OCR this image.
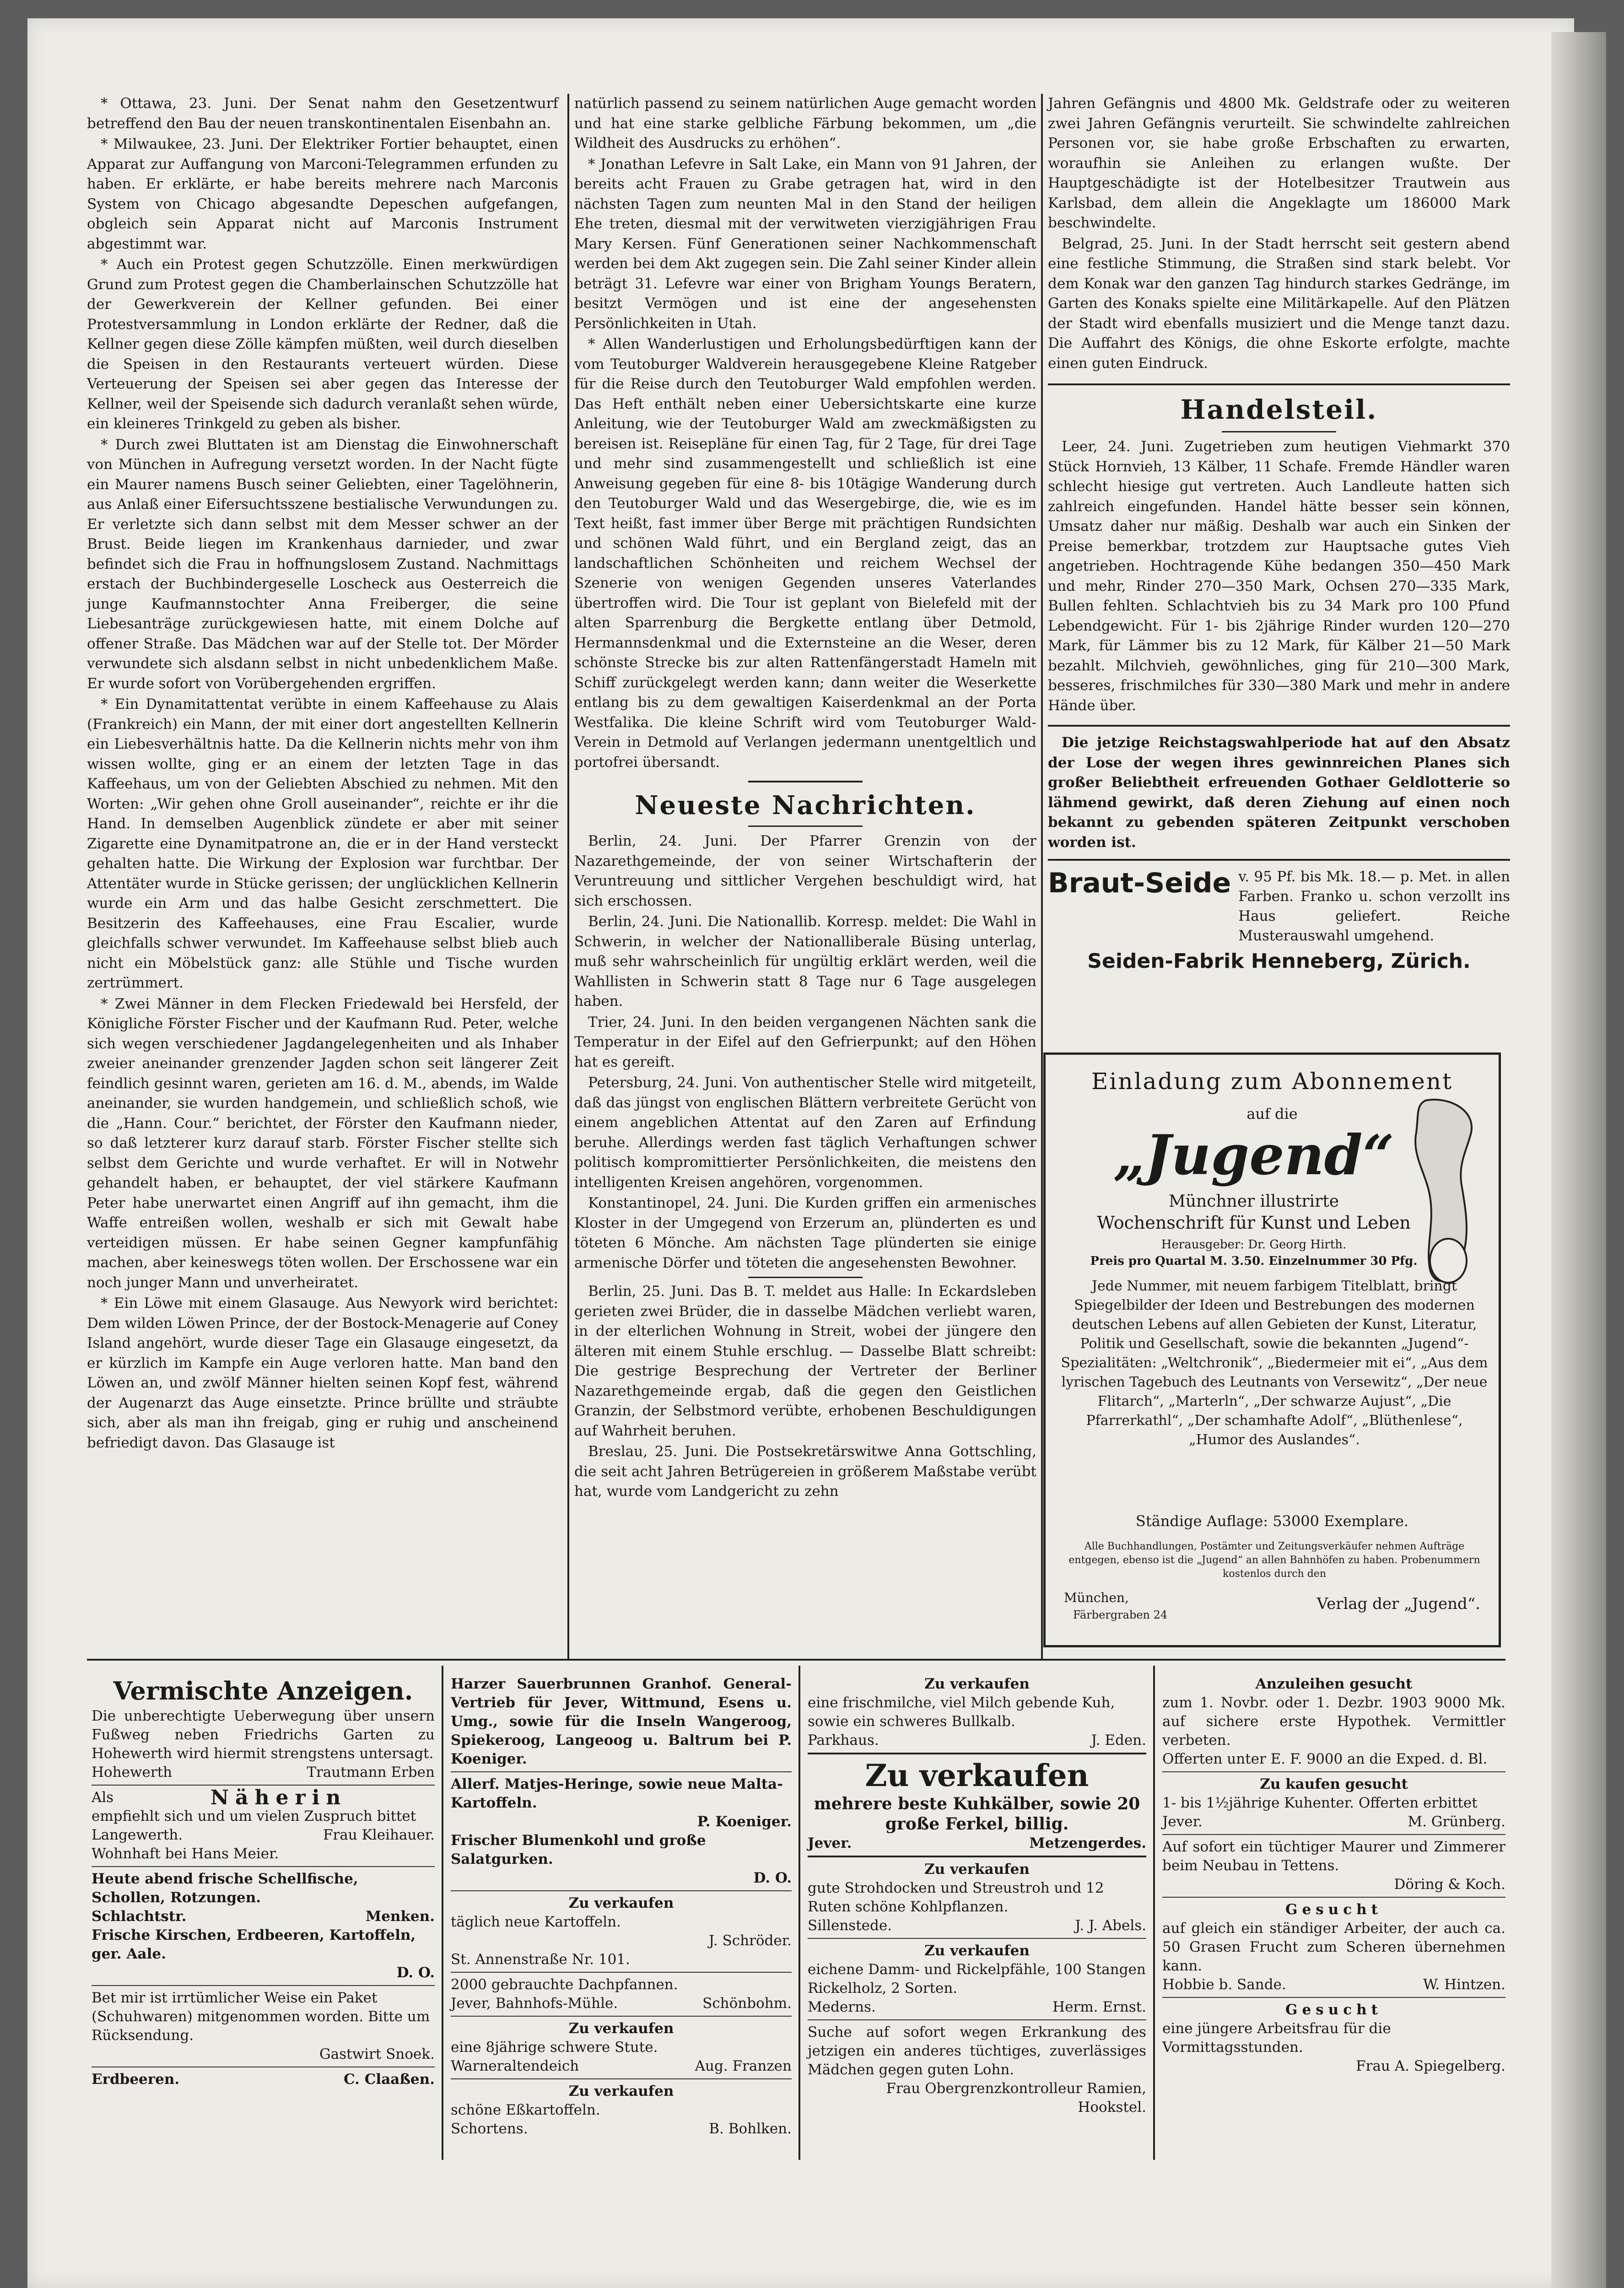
* Ottawa, 23. Juni. Der Senat nahm den Gesetzentwurf betreffend den Bau der neuen transkontinentalen Eisenbahn an.

* Milwaukee, 23. Juni. Der Elektriker Fortier behauptet, einen Apparat zur Auffangung von Marconi-Telegrammen erfunden zu haben. Er erklärte, er habe bereits mehrere nach Marconis System von Chicago abgesandte Depeschen aufgefangen, obgleich sein Apparat nicht auf Marconis Instrument abgestimmt war.

* Auch ein Protest gegen Schutzzölle. Einen merkwürdigen Grund zum Protest gegen die Chamberlainschen Schutzzölle hat der Gewerkverein der Kellner gefunden. Bei einer Protestversammlung in London erklärte der Redner, daß die Kellner gegen diese Zölle kämpfen müßten, weil durch dieselben die Speisen in den Restaurants verteuert würden. Diese Verteuerung der Speisen sei aber gegen das Interesse der Kellner, weil der Speisende sich dadurch veranlaßt sehen würde, ein kleineres Trinkgeld zu geben als bisher.

* Durch zwei Bluttaten ist am Dienstag die Einwohnerschaft von München in Aufregung versetzt worden. In der Nacht fügte ein Maurer namens Busch seiner Geliebten, einer Tagelöhnerin, aus Anlaß einer Eifersuchtsszene bestialische Verwundungen zu. Er verletzte sich dann selbst mit dem Messer schwer an der Brust. Beide liegen im Krankenhaus darnieder, und zwar befindet sich die Frau in hoffnungslosem Zustand. Nachmittags erstach der Buchbindergeselle Loscheck aus Oesterreich die junge Kaufmannstochter Anna Freiberger, die seine Liebesanträge zurückgewiesen hatte, mit einem Dolche auf offener Straße. Das Mädchen war auf der Stelle tot. Der Mörder verwundete sich alsdann selbst in nicht unbedenklichem Maße. Er wurde sofort von Vorübergehenden ergriffen.

* Ein Dynamitattentat verübte in einem Kaffeehause zu Alais (Frankreich) ein Mann, der mit einer dort angestellten Kellnerin ein Liebesverhältnis hatte. Da die Kellnerin nichts mehr von ihm wissen wollte, ging er an einem der letzten Tage in das Kaffeehaus, um von der Geliebten Abschied zu nehmen. Mit den Worten: „Wir gehen ohne Groll auseinander“, reichte er ihr die Hand. In demselben Augenblick zündete er aber mit seiner Zigarette eine Dynamitpatrone an, die er in der Hand versteckt gehalten hatte. Die Wirkung der Explosion war furchtbar. Der Attentäter wurde in Stücke gerissen; der unglücklichen Kellnerin wurde ein Arm und das halbe Gesicht zerschmettert. Die Besitzerin des Kaffeehauses, eine Frau Escalier, wurde gleichfalls schwer verwundet. Im Kaffeehause selbst blieb auch nicht ein Möbelstück ganz: alle Stühle und Tische wurden zertrümmert.

* Zwei Männer in dem Flecken Friedewald bei Hersfeld, der Königliche Förster Fischer und der Kaufmann Rud. Peter, welche sich wegen verschiedener Jagdangelegenheiten und als Inhaber zweier aneinander grenzender Jagden schon seit längerer Zeit feindlich gesinnt waren, gerieten am 16. d. M., abends, im Walde aneinander, sie wurden handgemein, und schließlich schoß, wie die „Hann. Cour.“ berichtet, der Förster den Kaufmann nieder, so daß letzterer kurz darauf starb. Förster Fischer stellte sich selbst dem Gerichte und wurde verhaftet. Er will in Notwehr gehandelt haben, er behauptet, der viel stärkere Kaufmann Peter habe unerwartet einen Angriff auf ihn gemacht, ihm die Waffe entreißen wollen, weshalb er sich mit Gewalt habe verteidigen müssen. Er habe seinen Gegner kampfunfähig machen, aber keineswegs töten wollen. Der Erschossene war ein noch junger Mann und unverheiratet.

* Ein Löwe mit einem Glasauge. Aus Newyork wird berichtet: Dem wilden Löwen Prince, der der Bostock-Menagerie auf Coney Island angehört, wurde dieser Tage ein Glasauge eingesetzt, da er kürzlich im Kampfe ein Auge verloren hatte. Man band den Löwen an, und zwölf Männer hielten seinen Kopf fest, während der Augenarzt das Auge einsetzte. Prince brüllte und sträubte sich, aber als man ihn freigab, ging er ruhig und anscheinend befriedigt davon. Das Glasauge ist

natürlich passend zu seinem natürlichen Auge gemacht worden und hat eine starke gelbliche Färbung bekommen, um „die Wildheit des Ausdrucks zu erhöhen“.

* Jonathan Lefevre in Salt Lake, ein Mann von 91 Jahren, der bereits acht Frauen zu Grabe getragen hat, wird in den nächsten Tagen zum neunten Mal in den Stand der heiligen Ehe treten, diesmal mit der verwitweten vierzigjährigen Frau Mary Kersen. Fünf Generationen seiner Nachkommenschaft werden bei dem Akt zugegen sein. Die Zahl seiner Kinder allein beträgt 31. Lefevre war einer von Brigham Youngs Beratern, besitzt Vermögen und ist eine der angesehensten Persönlichkeiten in Utah.

* Allen Wanderlustigen und Erholungsbedürftigen kann der vom Teutoburger Waldverein herausgegebene Kleine Ratgeber für die Reise durch den Teutoburger Wald empfohlen werden. Das Heft enthält neben einer Uebersichtskarte eine kurze Anleitung, wie der Teutoburger Wald am zweckmäßigsten zu bereisen ist. Reisepläne für einen Tag, für 2 Tage, für drei Tage und mehr sind zusammengestellt und schließlich ist eine Anweisung gegeben für eine 8- bis 10tägige Wanderung durch den Teutoburger Wald und das Wesergebirge, die, wie es im Text heißt, fast immer über Berge mit prächtigen Rundsichten und schönen Wald führt, und ein Bergland zeigt, das an landschaftlichen Schönheiten und reichem Wechsel der Szenerie von wenigen Gegenden unseres Vaterlandes übertroffen wird. Die Tour ist geplant von Bielefeld mit der alten Sparrenburg die Bergkette entlang über Detmold, Hermannsdenkmal und die Externsteine an die Weser, deren schönste Strecke bis zur alten Rattenfängerstadt Hameln mit Schiff zurückgelegt werden kann; dann weiter die Weserkette entlang bis zu dem gewaltigen Kaiserdenkmal an der Porta Westfalika. Die kleine Schrift wird vom Teutoburger Wald-Verein in Detmold auf Verlangen jedermann unentgeltlich und portofrei übersandt.

Neueste Nachrichten.

Berlin, 24. Juni. Der Pfarrer Grenzin von der Nazarethgemeinde, der von seiner Wirtschafterin der Veruntreuung und sittlicher Vergehen beschuldigt wird, hat sich erschossen.

Berlin, 24. Juni. Die Nationallib. Korresp. meldet: Die Wahl in Schwerin, in welcher der Nationalliberale Büsing unterlag, muß sehr wahrscheinlich für ungültig erklärt werden, weil die Wahllisten in Schwerin statt 8 Tage nur 6 Tage ausgelegen haben.

Trier, 24. Juni. In den beiden vergangenen Nächten sank die Temperatur in der Eifel auf den Gefrierpunkt; auf den Höhen hat es gereift.

Petersburg, 24. Juni. Von authentischer Stelle wird mitgeteilt, daß das jüngst von englischen Blättern verbreitete Gerücht von einem angeblichen Attentat auf den Zaren auf Erfindung beruhe. Allerdings werden fast täglich Verhaftungen schwer politisch kompromittierter Persönlichkeiten, die meistens den intelligenten Kreisen angehören, vorgenommen.

Konstantinopel, 24. Juni. Die Kurden griffen ein armenisches Kloster in der Umgegend von Erzerum an, plünderten es und töteten 6 Mönche. Am nächsten Tage plünderten sie einige armenische Dörfer und töteten die angesehensten Bewohner.

Berlin, 25. Juni. Das B. T. meldet aus Halle: In Eckardsleben gerieten zwei Brüder, die in dasselbe Mädchen verliebt waren, in der elterlichen Wohnung in Streit, wobei der jüngere den älteren mit einem Stuhle erschlug. — Dasselbe Blatt schreibt: Die gestrige Besprechung der Vertreter der Berliner Nazarethgemeinde ergab, daß die gegen den Geistlichen Granzin, der Selbstmord verübte, erhobenen Beschuldigungen auf Wahrheit beruhen.

Breslau, 25. Juni. Die Postsekretärswitwe Anna Gottschling, die seit acht Jahren Betrügereien in größerem Maßstabe verübt hat, wurde vom Landgericht zu zehn

Jahren Gefängnis und 4800 Mk. Geldstrafe oder zu weiteren zwei Jahren Gefängnis verurteilt. Sie schwindelte zahlreichen Personen vor, sie habe große Erbschaften zu erwarten, woraufhin sie Anleihen zu erlangen wußte. Der Hauptgeschädigte ist der Hotelbesitzer Trautwein aus Karlsbad, dem allein die Angeklagte um 186000 Mark beschwindelte.

Belgrad, 25. Juni. In der Stadt herrscht seit gestern abend eine festliche Stimmung, die Straßen sind stark belebt. Vor dem Konak war den ganzen Tag hindurch starkes Gedränge, im Garten des Konaks spielte eine Militärkapelle. Auf den Plätzen der Stadt wird ebenfalls musiziert und die Menge tanzt dazu. Die Auffahrt des Königs, die ohne Eskorte erfolgte, machte einen guten Eindruck.

Handelsteil.

Leer, 24. Juni. Zugetrieben zum heutigen Viehmarkt 370 Stück Hornvieh, 13 Kälber, 11 Schafe. Fremde Händler waren schlecht hiesige gut vertreten. Auch Landleute hatten sich zahlreich eingefunden. Handel hätte besser sein können, Umsatz daher nur mäßig. Deshalb war auch ein Sinken der Preise bemerkbar, trotzdem zur Hauptsache gutes Vieh angetrieben. Hochtragende Kühe bedangen 350—450 Mark und mehr, Rinder 270—350 Mark, Ochsen 270—335 Mark, Bullen fehlten. Schlachtvieh bis zu 34 Mark pro 100 Pfund Lebendgewicht. Für 1- bis 2jährige Rinder wurden 120—270 Mark, für Lämmer bis zu 12 Mark, für Kälber 21—50 Mark bezahlt. Milchvieh, gewöhnliches, ging für 210—300 Mark, besseres, frischmilches für 330—380 Mark und mehr in andere Hände über.

Die jetzige Reichstagswahlperiode hat auf den Absatz der Lose der wegen ihres gewinnreichen Planes sich großer Beliebtheit erfreuenden Gothaer Geldlotterie so lähmend gewirkt, daß deren Ziehung auf einen noch bekannt zu gebenden späteren Zeitpunkt verschoben worden ist.

Braut-Seide v. 95 Pf. bis Mk. 18.— p. Met. in allen Farben. Franko u. schon verzollt ins Haus geliefert. Reiche Musterauswahl umgehend.
Seiden-Fabrik Henneberg, Zürich.
Einladung zum Abonnement
auf die
„Jugend“
Münchner illustrirte
Wochenschrift für Kunst und Leben
Herausgeber: Dr. Georg Hirth.
Preis pro Quartal M. 3.50. Einzelnummer 30 Pfg.
Jede Nummer, mit neuem farbigem Titelblatt, bringt Spiegelbilder der Ideen und Bestrebungen des modernen deutschen Lebens auf allen Gebieten der Kunst, Literatur, Politik und Gesellschaft, sowie die bekannten „Jugend“-Spezialitäten: „Weltchronik“, „Biedermeier mit ei“, „Aus dem lyrischen Tagebuch des Leutnants von Versewitz“, „Der neue Flitarch“, „Marterln“, „Der schwarze Aujust“, „Die Pfarrerkathl“, „Der schamhafte Adolf“, „Blüthenlese“, „Humor des Auslandes“.
Ständige Auflage: 53000 Exemplare.
Alle Buchhandlungen, Postämter und Zeitungsverkäufer nehmen Aufträge entgegen, ebenso ist die „Jugend“ an allen Bahnhöfen zu haben. Probenummern kostenlos durch den
München,
Färbergraben 24
Verlag der „Jugend“.
Vermischte Anzeigen.
Die unberechtigte Ueberwegung über unsern Fußweg neben Friedrichs Garten zu Hohewerth wird hiermit strengstens untersagt.
Hohewerth	Trautmann Erben
Als	Näherin
empfiehlt sich und um vielen Zuspruch bittet
Langewerth.	Frau Kleihauer.
Wohnhaft bei Hans Meier.
Heute abend frische Schellfische, Schollen, Rotzungen.
Schlachtstr.	Menken.
Frische Kirschen, Erdbeeren, Kartoffeln, ger. Aale.
D. O.
Bet mir ist irrtümlicher Weise ein Paket (Schuhwaren) mitgenommen worden. Bitte um Rücksendung.
Gastwirt Snoek.
Erdbeeren.	C. Claaßen.
Harzer Sauerbrunnen Granhof. General-Vertrieb für Jever, Wittmund, Esens u. Umg., sowie für die Inseln Wangeroog, Spiekeroog, Langeoog u. Baltrum bei P. Koeniger.
Allerf. Matjes-Heringe, sowie neue Malta-Kartoffeln.
P. Koeniger.
Frischer Blumenkohl und große Salatgurken.
D. O.
Zu verkaufen
täglich neue Kartoffeln.
J. Schröder.
St. Annenstraße Nr. 101.
2000 gebrauchte Dachpfannen.
Jever, Bahnhofs-Mühle.	Schönbohm.
Zu verkaufen
eine 8jährige schwere Stute.
Warneraltendeich	Aug. Franzen
Zu verkaufen
schöne Eßkartoffeln.
Schortens.	B. Bohlken.
Zu verkaufen
eine frischmilche, viel Milch gebende Kuh, sowie ein schweres Bullkalb.
Parkhaus.	J. Eden.
Zu verkaufen
mehrere beste Kuhkälber, sowie 20 große Ferkel, billig.
Jever.	Metzengerdes.
Zu verkaufen
gute Strohdocken und Streustroh und 12 Ruten schöne Kohlpflanzen.
Sillenstede.	J. J. Abels.
Zu verkaufen
eichene Damm- und Rickelpfähle, 100 Stangen Rickelholz, 2 Sorten.
Mederns.	Herm. Ernst.
Suche auf sofort wegen Erkrankung des jetzigen ein anderes tüchtiges, zuverlässiges Mädchen gegen guten Lohn.
Frau Obergrenzkontrolleur Ramien,
Hookstel.
Anzuleihen gesucht
zum 1. Novbr. oder 1. Dezbr. 1903 9000 Mk. auf sichere erste Hypothek. Vermittler verbeten.
Offerten unter E. F. 9000 an die Exped. d. Bl.
Zu kaufen gesucht
1- bis 1½jährige Kuhenter. Offerten erbittet
Jever.	M. Grünberg.
Auf sofort ein tüchtiger Maurer und Zimmerer beim Neubau in Tettens.
Döring & Koch.
Gesucht
auf gleich ein ständiger Arbeiter, der auch ca. 50 Grasen Frucht zum Scheren übernehmen kann.
Hobbie b. Sande.	W. Hintzen.
Gesucht
eine jüngere Arbeitsfrau für die Vormittagsstunden.
Frau A. Spiegelberg.
